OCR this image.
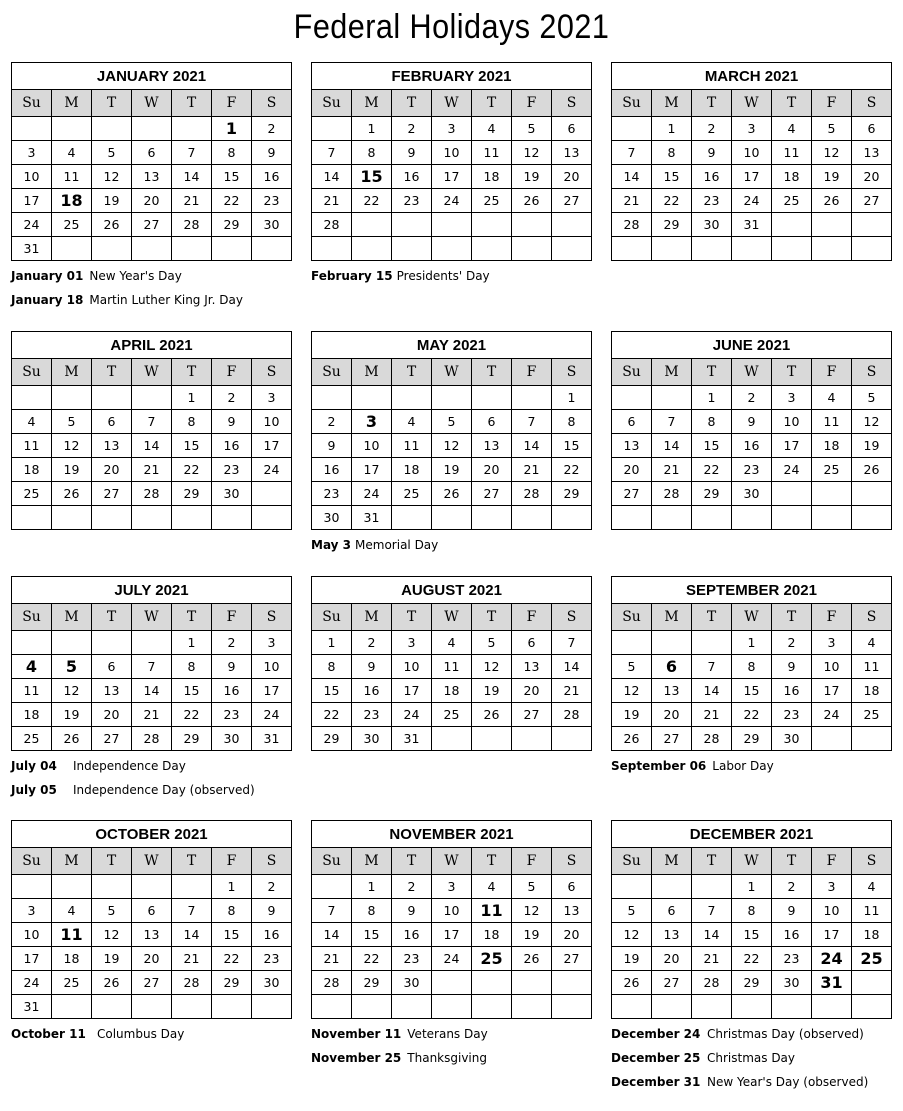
Federal Holidays 2021
JANUARY 2021						
Su	M	T	W	T	F	S
					1	2
3	4	5	6	7	8	9
10	11	12	13	14	15	16
17	18	19	20	21	22	23
24	25	26	27	28	29	30
31						
January 01 New Year's Day
January 18 Martin Luther King Jr. Day
FEBRUARY 2021						
Su	M	T	W	T	F	S
	1	2	3	4	5	6
7	8	9	10	11	12	13
14	15	16	17	18	19	20
21	22	23	24	25	26	27
28						

February 15 Presidents' Day
MARCH 2021						
Su	M	T	W	T	F	S
	1	2	3	4	5	6
7	8	9	10	11	12	13
14	15	16	17	18	19	20
21	22	23	24	25	26	27
28	29	30	31			

APRIL 2021						
Su	M	T	W	T	F	S
				1	2	3
4	5	6	7	8	9	10
11	12	13	14	15	16	17
18	19	20	21	22	23	24
25	26	27	28	29	30	

MAY 2021						
Su	M	T	W	T	F	S
						1
2	3	4	5	6	7	8
9	10	11	12	13	14	15
16	17	18	19	20	21	22
23	24	25	26	27	28	29
30	31					
May 3 Memorial Day
JUNE 2021						
Su	M	T	W	T	F	S
		1	2	3	4	5
6	7	8	9	10	11	12
13	14	15	16	17	18	19
20	21	22	23	24	25	26
27	28	29	30			

JULY 2021						
Su	M	T	W	T	F	S
				1	2	3
4	5	6	7	8	9	10
11	12	13	14	15	16	17
18	19	20	21	22	23	24
25	26	27	28	29	30	31
July 04 Independence Day
July 05 Independence Day (observed)
AUGUST 2021						
Su	M	T	W	T	F	S
1	2	3	4	5	6	7
8	9	10	11	12	13	14
15	16	17	18	19	20	21
22	23	24	25	26	27	28
29	30	31				
SEPTEMBER 2021						
Su	M	T	W	T	F	S
			1	2	3	4
5	6	7	8	9	10	11
12	13	14	15	16	17	18
19	20	21	22	23	24	25
26	27	28	29	30		
September 06 Labor Day
OCTOBER 2021						
Su	M	T	W	T	F	S
					1	2
3	4	5	6	7	8	9
10	11	12	13	14	15	16
17	18	19	20	21	22	23
24	25	26	27	28	29	30
31						
October 11 Columbus Day
NOVEMBER 2021						
Su	M	T	W	T	F	S
	1	2	3	4	5	6
7	8	9	10	11	12	13
14	15	16	17	18	19	20
21	22	23	24	25	26	27
28	29	30				

November 11 Veterans Day
November 25 Thanksgiving
DECEMBER 2021						
Su	M	T	W	T	F	S
			1	2	3	4
5	6	7	8	9	10	11
12	13	14	15	16	17	18
19	20	21	22	23	24	25
26	27	28	29	30	31	

December 24 Christmas Day (observed)
December 25 Christmas Day
December 31 New Year's Day (observed)
